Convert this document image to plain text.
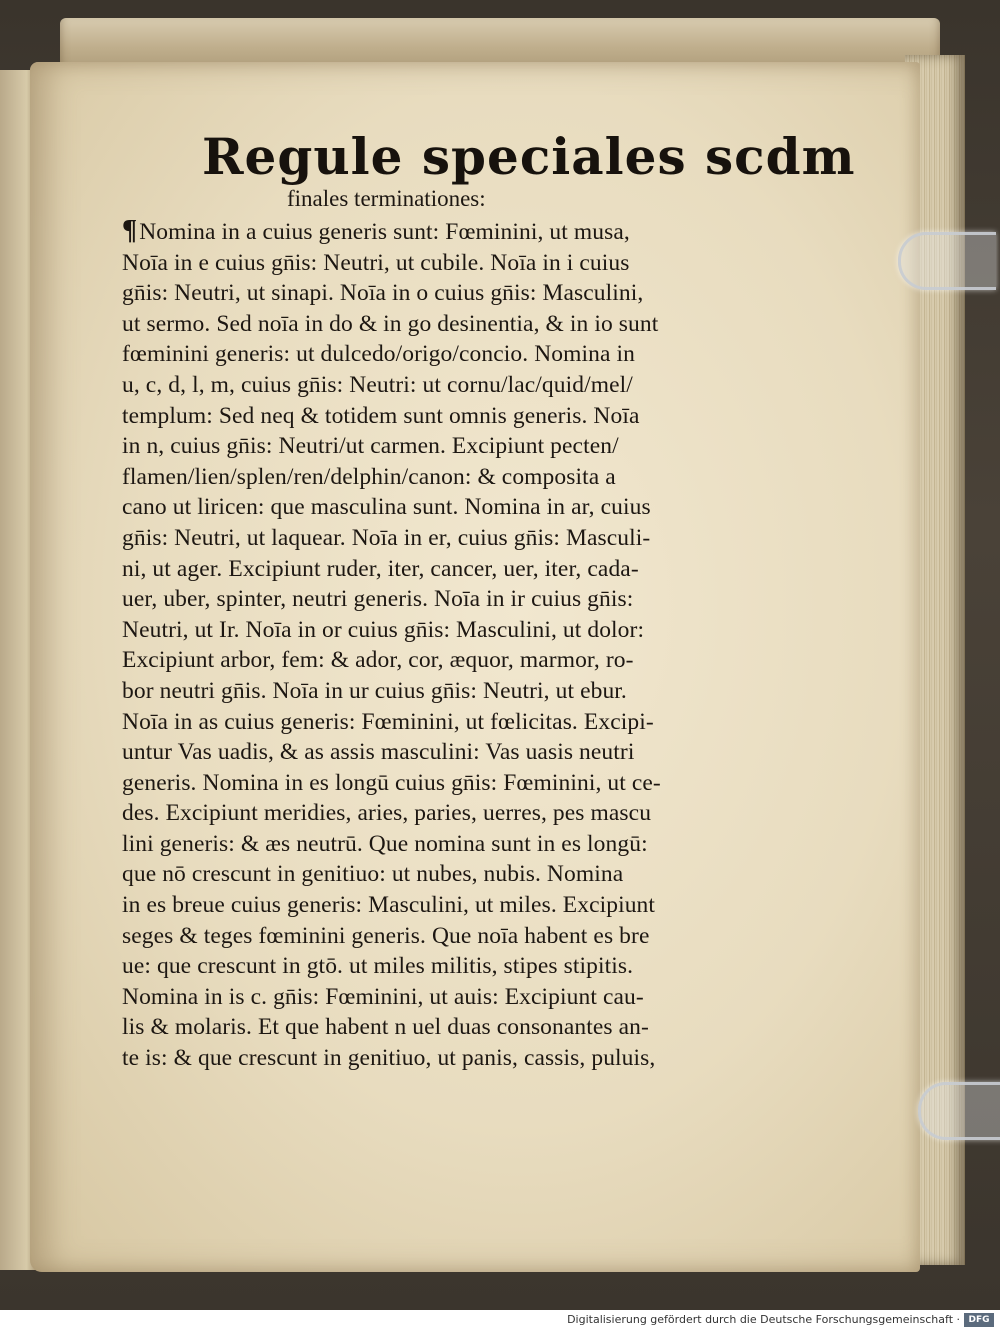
Regule speciales scdm
finales terminationes:
¶Nomina in a cuius generis sunt: Fœminini, ut musa,
Noīa in e cuius gn̄is: Neutri, ut cubile. Noīa in i cuius
gn̄is: Neutri, ut sinapi. Noīa in o cuius gn̄is: Masculini,
ut sermo. Sed noīa in do & in go desinentia, & in io sunt
fœminini generis: ut dulcedo/origo/concio. Nomina in
u, c, d, l, m, cuius gn̄is: Neutri: ut cornu/lac/quid/mel/
templum: Sed neq & totidem sunt omnis generis. Noīa
in n, cuius gn̄is: Neutri/ut carmen. Excipiunt pecten/
flamen/lien/splen/ren/delphin/canon: & composita a
cano ut liricen: que masculina sunt. Nomina in ar, cuius
gn̄is: Neutri, ut laquear. Noīa in er, cuius gn̄is: Masculi-
ni, ut ager. Excipiunt ruder, iter, cancer, uer, iter, cada-
uer, uber, spinter, neutri generis. Noīa in ir cuius gn̄is:
Neutri, ut Ir. Noīa in or cuius gn̄is: Masculini, ut dolor:
Excipiunt arbor, fem: & ador, cor, æquor, marmor, ro-
bor neutri gn̄is. Noīa in ur cuius gn̄is: Neutri, ut ebur.
Noīa in as cuius generis: Fœminini, ut fœlicitas. Excipi-
untur Vas uadis, & as assis masculini: Vas uasis neutri
generis. Nomina in es longū cuius gn̄is: Fœminini, ut ce-
des. Excipiunt meridies, aries, paries, uerres, pes mascu
lini generis: & æs neutrū. Que nomina sunt in es longū:
que nō crescunt in genitiuo: ut nubes, nubis. Nomina
in es breue cuius generis: Masculini, ut miles. Excipiunt
seges & teges fœminini generis. Que noīa habent es bre
ue: que crescunt in gtō. ut miles militis, stipes stipitis.
Nomina in is c. gn̄is: Fœminini, ut auis: Excipiunt cau-
lis & molaris. Et que habent n uel duas consonantes an-
te is: & que crescunt in genitiuo, ut panis, cassis, puluis,
Digitalisierung gefördert durch die Deutsche Forschungsgemeinschaft · DFG
